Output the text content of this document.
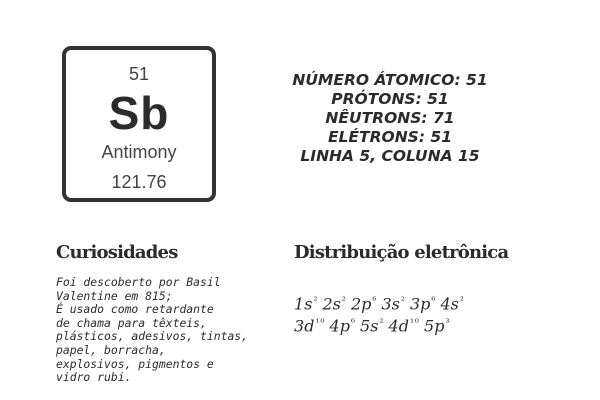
51
Sb
Antimony
121.76
NÚMERO ÁTOMICO: 51
PRÓTONS: 51
NÊUTRONS: 71
ELÉTRONS: 51
LINHA 5, COLUNA 15
Curiosidades
Foi descoberto por Basil
Valentine em 815;
É usado como retardante
de chama para têxteis,
plásticos, adesivos, tintas,
papel, borracha,
explosivos, pigmentos e
vidro rubi.
Distribuição eletrônica
$1s^{^2}$ $2s^{^2}$ $2p^{^6}$ $3s^{^2}$ $3p^{^6}$ $4s^{^2}$
$3d^{^1^0}$ $4p^{^6}$ $5s^{^2}$ $4d^{^1^0}$ $5p^{^3}$
